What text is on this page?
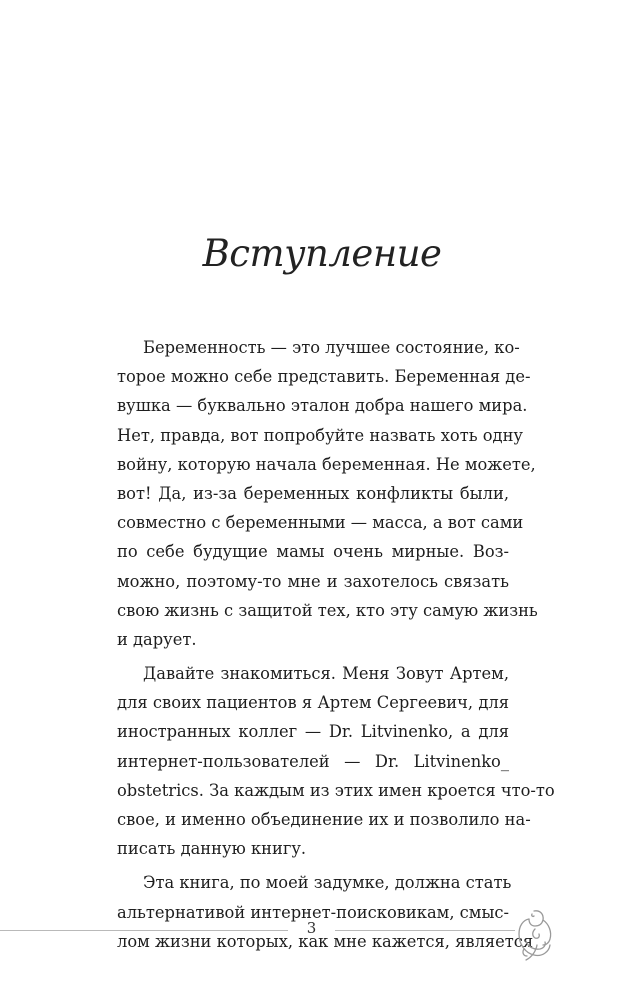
Вступление
Беременность — это лучшее состояние, ко-
торое можно себе представить. Беременная де-
вушка — буквально эталон добра нашего мира.
Нет, правда, вот попробуйте назвать хоть одну
войну, которую начала беременная. Не можете,
вот! Да, из-за беременных конфликты были,
совместно с беременными — масса, а вот сами
по себе будущие мамы очень мирные. Воз-
можно, поэтому-то мне и захотелось связать
свою жизнь с защитой тех, кто эту самую жизнь
и дарует.
Давайте знакомиться. Меня Зовут Артем,
для своих пациентов я Артем Сергеевич, для
иностранных коллег — Dr. Litvinenko, а для
интернет-пользователей — Dr. Litvinenko_
obstetrics. За каждым из этих имен кроется что-то
свое, и именно объединение их и позволило на-
писать данную книгу.
Эта книга, по моей задумке, должна стать
альтернативой интернет-поисковикам, смыс-
лом жизни которых, как мне кажется, является
3
